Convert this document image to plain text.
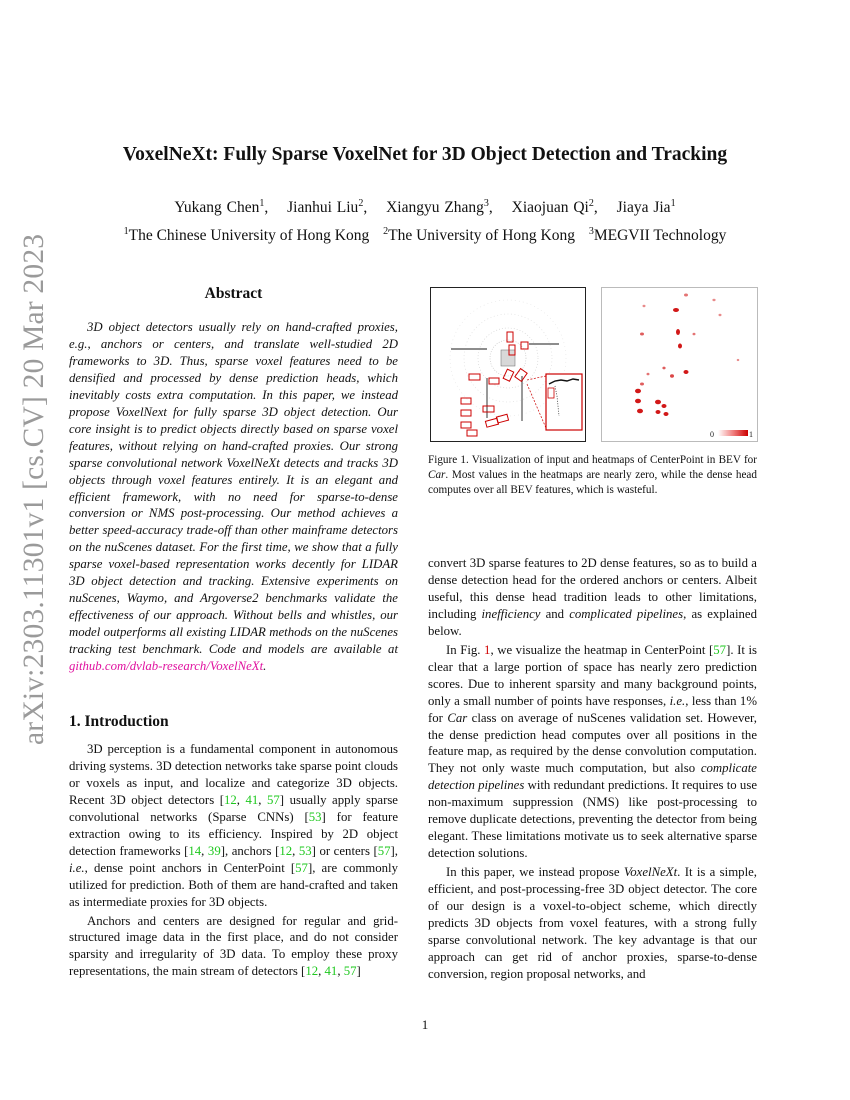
arXiv:2303.11301v1 [cs.CV] 20 Mar 2023
VoxelNeXt: Fully Sparse VoxelNet for 3D Object Detection and Tracking
Yukang Chen$^1$, Jianhui Liu$^2$, Xiangyu Zhang$^3$, Xiaojuan Qi$^2$, Jiaya Jia$^1$
$^1$The Chinese University of Hong Kong $^2$The University of Hong Kong $^3$MEGVII Technology
Abstract
3D object detectors usually rely on hand-crafted proxies, e.g., anchors or centers, and translate well-studied 2D frameworks to 3D. Thus, sparse voxel features need to be densified and processed by dense prediction heads, which inevitably costs extra computation. In this paper, we instead propose VoxelNext for fully sparse 3D object detection. Our core insight is to predict objects directly based on sparse voxel features, without relying on hand-crafted proxies. Our strong sparse convolutional network VoxelNeXt detects and tracks 3D objects through voxel features entirely. It is an elegant and efficient framework, with no need for sparse-to-dense conversion or NMS post-processing. Our method achieves a better speed-accuracy trade-off than other mainframe detectors on the nuScenes dataset. For the first time, we show that a fully sparse voxel-based representation works decently for LIDAR 3D object detection and tracking. Extensive experiments on nuScenes, Waymo, and Argoverse2 benchmarks validate the effectiveness of our approach. Without bells and whistles, our model outperforms all existing LIDAR methods on the nuScenes tracking test benchmark. Code and models are available at github.com/dvlab-research/VoxelNeXt.
1. Introduction

3D perception is a fundamental component in autonomous driving systems. 3D detection networks take sparse point clouds or voxels as input, and localize and categorize 3D objects. Recent 3D object detectors [12, 41, 57] usually apply sparse convolutional networks (Sparse CNNs) [53] for feature extraction owing to its efficiency. Inspired by 2D object detection frameworks [14, 39], anchors [12, 53] or centers [57], i.e., dense point anchors in CenterPoint [57], are commonly utilized for prediction. Both of them are hand-crafted and taken as intermediate proxies for 3D objects.

Anchors and centers are designed for regular and grid-structured image data in the first place, and do not consider sparsity and irregularity of 3D data. To employ these proxy representations, the main stream of detectors [12, 41, 57]

0	1
Figure 1. Visualization of input and heatmaps of CenterPoint in BEV for Car. Most values in the heatmaps are nearly zero, while the dense head computes over all BEV features, which is wasteful.

convert 3D sparse features to 2D dense features, so as to build a dense detection head for the ordered anchors or centers. Albeit useful, this dense head tradition leads to other limitations, including inefficiency and complicated pipelines, as explained below.

In Fig. 1, we visualize the heatmap in CenterPoint [57]. It is clear that a large portion of space has nearly zero prediction scores. Due to inherent sparsity and many background points, only a small number of points have responses, i.e., less than 1% for Car class on average of nuScenes validation set. However, the dense prediction head computes over all positions in the feature map, as required by the dense convolution computation. They not only waste much computation, but also complicate detection pipelines with redundant predictions. It requires to use non-maximum suppression (NMS) like post-processing to remove duplicate detections, preventing the detector from being elegant. These limitations motivate us to seek alternative sparse detection solutions.

In this paper, we instead propose VoxelNeXt. It is a simple, efficient, and post-processing-free 3D object detector. The core of our design is a voxel-to-object scheme, which directly predicts 3D objects from voxel features, with a strong fully sparse convolutional network. The key advantage is that our approach can get rid of anchor proxies, sparse-to-dense conversion, region proposal networks, and

1
